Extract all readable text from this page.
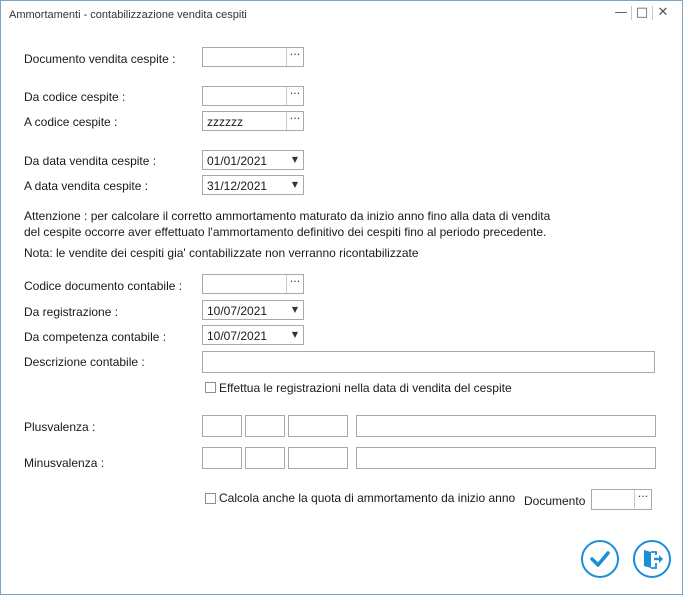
Ammortamenti - contabilizzazione vendita cespiti	— □ ✕
Documento vendita cespite :	···
Da codice cespite :	···
A codice cespite :	zzzzzz	···
Da data vendita cespite :	01/01/2021	▼
A data vendita cespite :	31/12/2021	▼
Attenzione : per calcolare il corretto ammortamento maturato da inizio anno fino alla data di vendita
del cespite occorre aver effettuato l'ammortamento definitivo dei cespiti fino al periodo precedente.
Nota: le vendite dei cespiti gia' contabilizzate non verranno ricontabilizzate
Codice documento contabile :	···
Da registrazione :	10/07/2021	▼
Da competenza contabile :	10/07/2021	▼
Descrizione contabile :
Effettua le registrazioni nella data di vendita del cespite
Plusvalenza :
Minusvalenza :
Calcola anche la quota di ammortamento da inizio anno Documento	···
